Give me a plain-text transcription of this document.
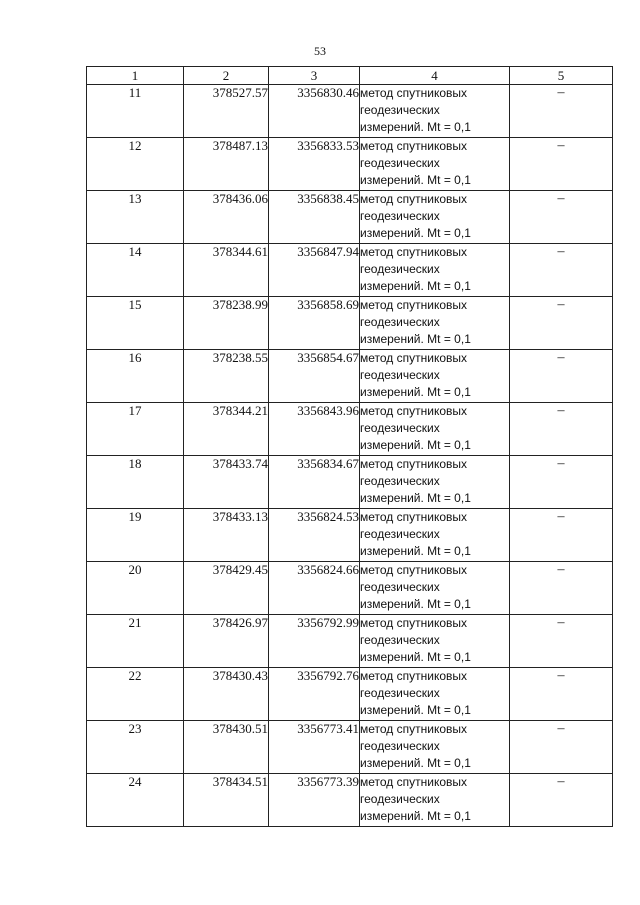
53
1	2	3	4	5
11	378527.57	3356830.46	метод спутниковых
геодезических
измерений. Mt = 0,1	–
12	378487.13	3356833.53	метод спутниковых
геодезических
измерений. Mt = 0,1	–
13	378436.06	3356838.45	метод спутниковых
геодезических
измерений. Mt = 0,1	–
14	378344.61	3356847.94	метод спутниковых
геодезических
измерений. Mt = 0,1	–
15	378238.99	3356858.69	метод спутниковых
геодезических
измерений. Mt = 0,1	–
16	378238.55	3356854.67	метод спутниковых
геодезических
измерений. Mt = 0,1	–
17	378344.21	3356843.96	метод спутниковых
геодезических
измерений. Mt = 0,1	–
18	378433.74	3356834.67	метод спутниковых
геодезических
измерений. Mt = 0,1	–
19	378433.13	3356824.53	метод спутниковых
геодезических
измерений. Mt = 0,1	–
20	378429.45	3356824.66	метод спутниковых
геодезических
измерений. Mt = 0,1	–
21	378426.97	3356792.99	метод спутниковых
геодезических
измерений. Mt = 0,1	–
22	378430.43	3356792.76	метод спутниковых
геодезических
измерений. Mt = 0,1	–
23	378430.51	3356773.41	метод спутниковых
геодезических
измерений. Mt = 0,1	–
24	378434.51	3356773.39	метод спутниковых
геодезических
измерений. Mt = 0,1	–
